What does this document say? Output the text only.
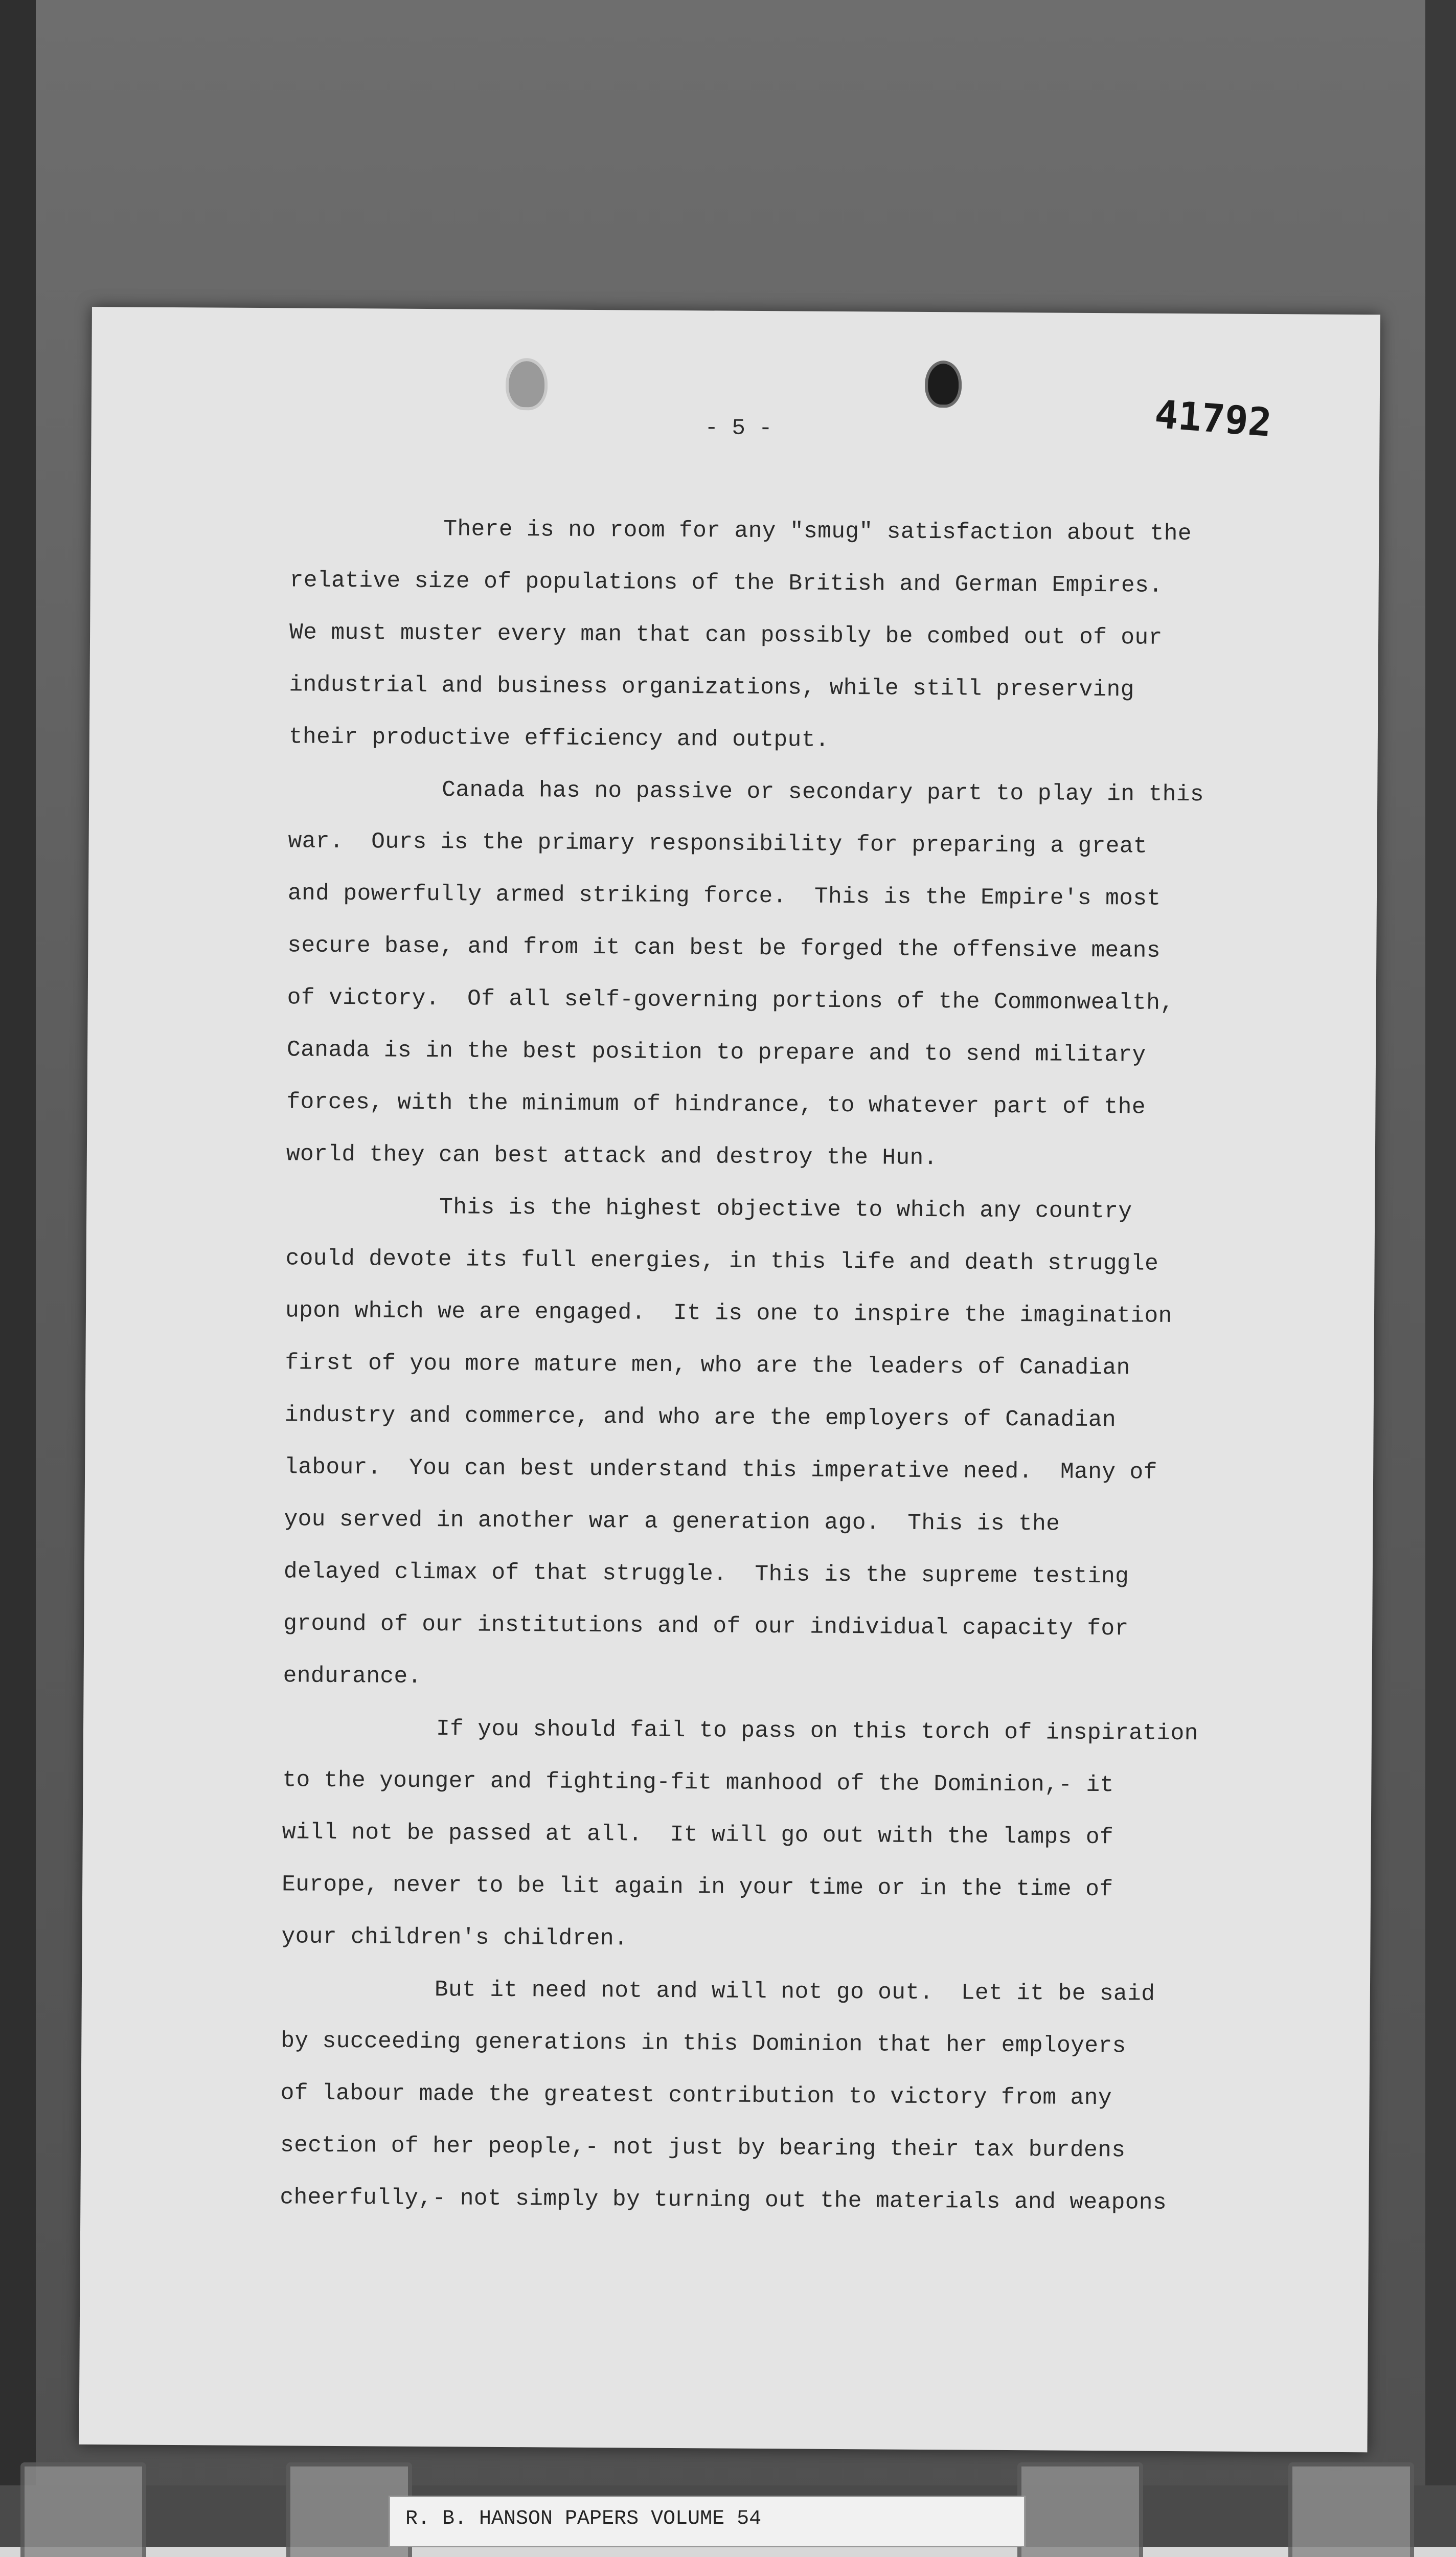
- 5 -	41792
There is no room for any "smug" satisfaction about the
relative size of populations of the British and German Empires.
We must muster every man that can possibly be combed out of our
industrial and business organizations, while still preserving
their productive efficiency and output.
Canada has no passive or secondary part to play in this
war.  Ours is the primary responsibility for preparing a great
and powerfully armed striking force.  This is the Empire's most
secure base, and from it can best be forged the offensive means
of victory.  Of all self-governing portions of the Commonwealth,
Canada is in the best position to prepare and to send military
forces, with the minimum of hindrance, to whatever part of the
world they can best attack and destroy the Hun.
This is the highest objective to which any country
could devote its full energies, in this life and death struggle
upon which we are engaged.  It is one to inspire the imagination
first of you more mature men, who are the leaders of Canadian
industry and commerce, and who are the employers of Canadian
labour.  You can best understand this imperative need.  Many of
you served in another war a generation ago.  This is the
delayed climax of that struggle.  This is the supreme testing
ground of our institutions and of our individual capacity for
endurance.
If you should fail to pass on this torch of inspiration
to the younger and fighting-fit manhood of the Dominion,- it
will not be passed at all.  It will go out with the lamps of
Europe, never to be lit again in your time or in the time of
your children's children.
But it need not and will not go out.  Let it be said
by succeeding generations in this Dominion that her employers
of labour made the greatest contribution to victory from any
section of her people,- not just by bearing their tax burdens
cheerfully,- not simply by turning out the materials and weapons
R. B. HANSON PAPERS VOLUME 54
